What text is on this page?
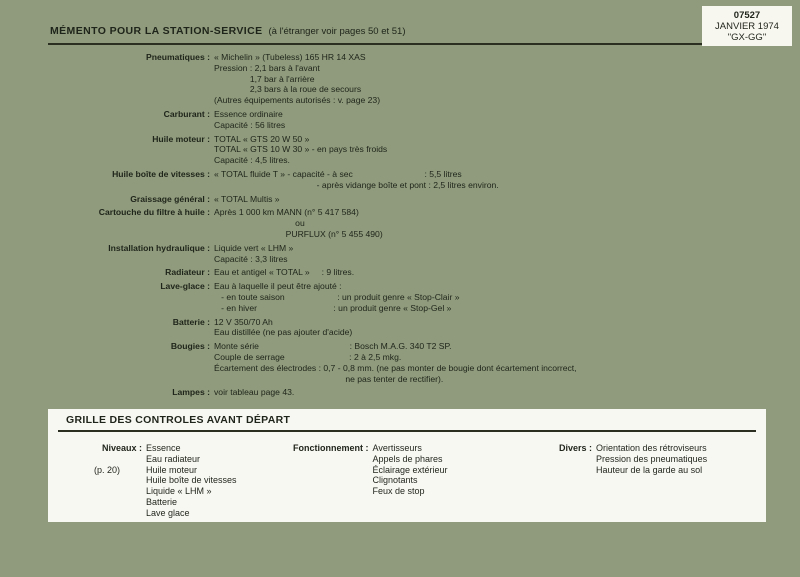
MÉMENTO POUR LA STATION-SERVICE (à l'étranger voir pages 50 et 51)
07527
JANVIER 1974
"GX-GG"
Pneumatiques : « Michelin » (Tubeless) 165 HR 14 XAS
Pression : 2,1 bars à l'avant
1,7 bar à l'arrière
2,3 bars à la roue de secours
(Autres équipements autorisés : v. page 23)
Carburant : Essence ordinaire
Capacité : 56 litres
Huile moteur : TOTAL « GTS 20 W 50 »
TOTAL « GTS 10 W 30 » - en pays très froids
Capacité : 4,5 litres.
Huile boîte de vitesses : « TOTAL fluide T » - capacité - à sec                              : 5,5 litres
- après vidange boîte et pont : 2,5 litres environ.
Graissage général : « TOTAL Multis »
Cartouche du filtre à huile : Après 1 000 km MANN (n° 5 417 584)
ou
PURFLUX (n° 5 455 490)
Installation hydraulique : Liquide vert « LHM »
Capacité : 3,3 litres
Radiateur : Eau et antigel « TOTAL »     : 9 litres.
Lave-glace : Eau à laquelle il peut être ajouté :
- en toute saison                      : un produit genre « Stop-Clair »
- en hiver                                : un produit genre « Stop-Gel »
Batterie : 12 V 350/70 Ah
Eau distillée (ne pas ajouter d'acide)
Bougies : Monte série                                      : Bosch M.A.G. 340 T2 SP.
Couple de serrage                           : 2 à 2,5 mkg.
Écartement des électrodes : 0,7 - 0,8 mm. (ne pas monter de bougie dont écartement incorrect,
ne pas tenter de rectifier).
Lampes : voir tableau page 43.
GRILLE DES CONTROLES AVANT DÉPART
Niveaux :
(p. 20)
Essence
Eau radiateur
Huile moteur
Huile boîte de vitesses
Liquide « LHM »
Batterie
Lave glace
Fonctionnement : Avertisseurs
Appels de phares
Éclairage extérieur
Clignotants
Feux de stop
Divers : Orientation des rétroviseurs
Pression des pneumatiques
Hauteur de la garde au sol
